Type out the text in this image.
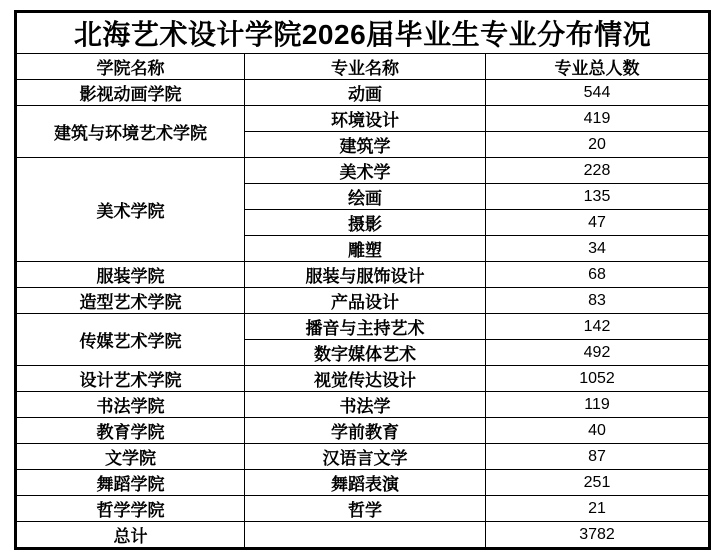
北海艺术设计学院2026届毕业生专业分布情况		
学院名称	专业名称	专业总人数
影视动画学院	动画	544
建筑与环境艺术学院	环境设计	419
	建筑学	20
美术学院	美术学	228
	绘画	135
	摄影	47
	雕塑	34
服装学院	服装与服饰设计	68
造型艺术学院	产品设计	83
传媒艺术学院	播音与主持艺术	142
	数字媒体艺术	492
设计艺术学院	视觉传达设计	1052
书法学院	书法学	119
教育学院	学前教育	40
文学院	汉语言文学	87
舞蹈学院	舞蹈表演	251
哲学学院	哲学	21
总计		3782
